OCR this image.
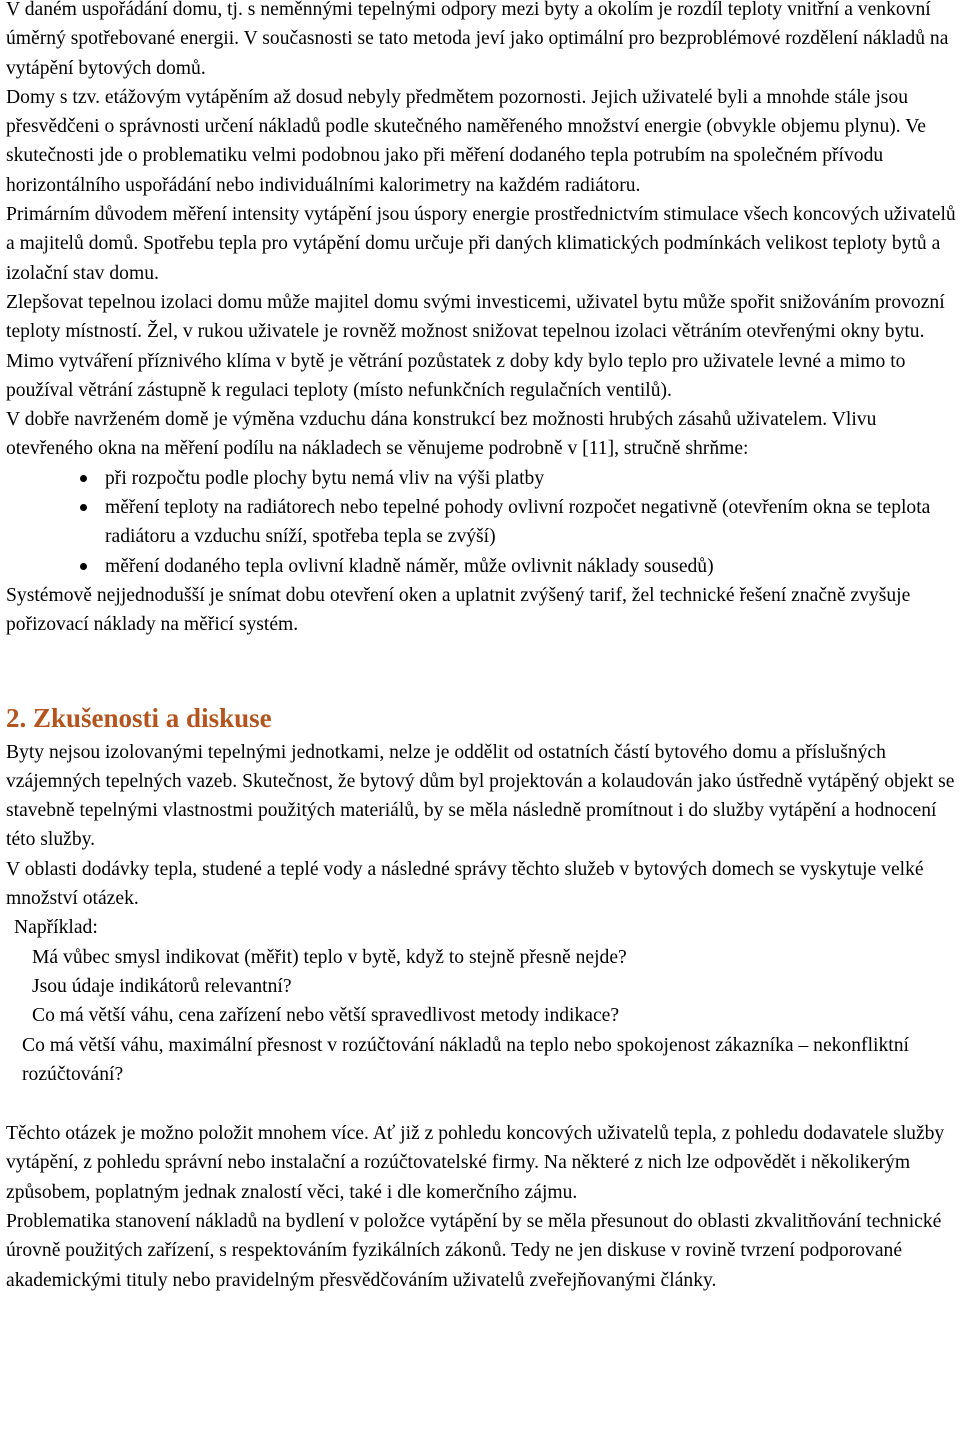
V daném uspořádání domu, tj. s neměnnými tepelnými odpory mezi byty a okolím je rozdíl teploty vnitřní a venkovní úměrný spotřebované energii. V současnosti se tato metoda jeví jako optimální pro bezproblémové rozdělení nákladů na vytápění bytových domů.

Domy s tzv. etážovým vytápěním až dosud nebyly předmětem pozornosti. Jejich uživatelé byli a mnohde stále jsou přesvědčeni o správnosti určení nákladů podle skutečného naměřeného množství energie (obvykle objemu plynu). Ve skutečnosti jde o problematiku velmi podobnou jako při měření dodaného tepla potrubím na společném přívodu horizontálního uspořádání nebo individuálními kalorimetry na každém radiátoru.

Primárním důvodem měření intensity vytápění jsou úspory energie prostřednictvím stimulace všech koncových uživatelů a majitelů domů. Spotřebu tepla pro vytápění domu určuje při daných klimatických podmínkách velikost teploty bytů a izolační stav domu.

Zlepšovat tepelnou izolaci domu může majitel domu svými investicemi, uživatel bytu může spořit snižováním provozní teploty místností. Žel, v rukou uživatele je rovněž možnost snižovat tepelnou izolaci větráním otevřenými okny bytu. Mimo vytváření příznivého klíma v bytě je větrání pozůstatek z doby kdy bylo teplo pro uživatele levné a mimo to používal větrání zástupně k regulaci teploty (místo nefunkčních regulačních ventilů).

V dobře navrženém domě je výměna vzduchu dána konstrukcí bez možnosti hrubých zásahů uživatelem. Vlivu otevřeného okna na měření podílu na nákladech se věnujeme podrobně v [11], stručně shrňme:

při rozpočtu podle plochy bytu nemá vliv na výši platby
měření teploty na radiátorech nebo tepelné pohody ovlivní rozpočet negativně (otevřením okna se teplota radiátoru a vzduchu sníží, spotřeba tepla se zvýší)
měření dodaného tepla ovlivní kladně náměr, může ovlivnit náklady sousedů)

Systémově nejjednodušší je snímat dobu otevření oken a uplatnit zvýšený tarif, žel technické řešení značně zvyšuje pořizovací náklady na měřicí systém.

2. Zkušenosti a diskuse

Byty nejsou izolovanými tepelnými jednotkami, nelze je oddělit od ostatních částí bytového domu a příslušných vzájemných tepelných vazeb. Skutečnost, že bytový dům byl projektován a kolaudován jako ústředně vytápěný objekt se stavebně tepelnými vlastnostmi použitých materiálů, by se měla následně promítnout i do služby vytápění a hodnocení této služby.

V oblasti dodávky tepla, studené a teplé vody a následné správy těchto služeb v bytových domech se vyskytuje velké množství otázek.

Například:

Má vůbec smysl indikovat (měřit) teplo v bytě, když to stejně přesně nejde?

Jsou údaje indikátorů relevantní?

Co má větší váhu, cena zařízení nebo větší spravedlivost metody indikace?

Co má větší váhu, maximální přesnost v rozúčtování nákladů na teplo nebo spokojenost zákazníka – nekonfliktní rozúčtování?

Těchto otázek je možno položit mnohem více. Ať již z pohledu koncových uživatelů tepla, z pohledu dodavatele služby vytápění, z pohledu správní nebo instalační a rozúčtovatelské firmy. Na některé z nich lze odpovědět i několikerým způsobem, poplatným jednak znalostí věci, také i dle komerčního zájmu.

Problematika stanovení nákladů na bydlení v položce vytápění by se měla přesunout do oblasti zkvalitňování technické úrovně použitých zařízení, s respektováním fyzikálních zákonů. Tedy ne jen diskuse v rovině tvrzení podporované akademickými tituly nebo pravidelným přesvědčováním uživatelů zveřejňovanými články.
